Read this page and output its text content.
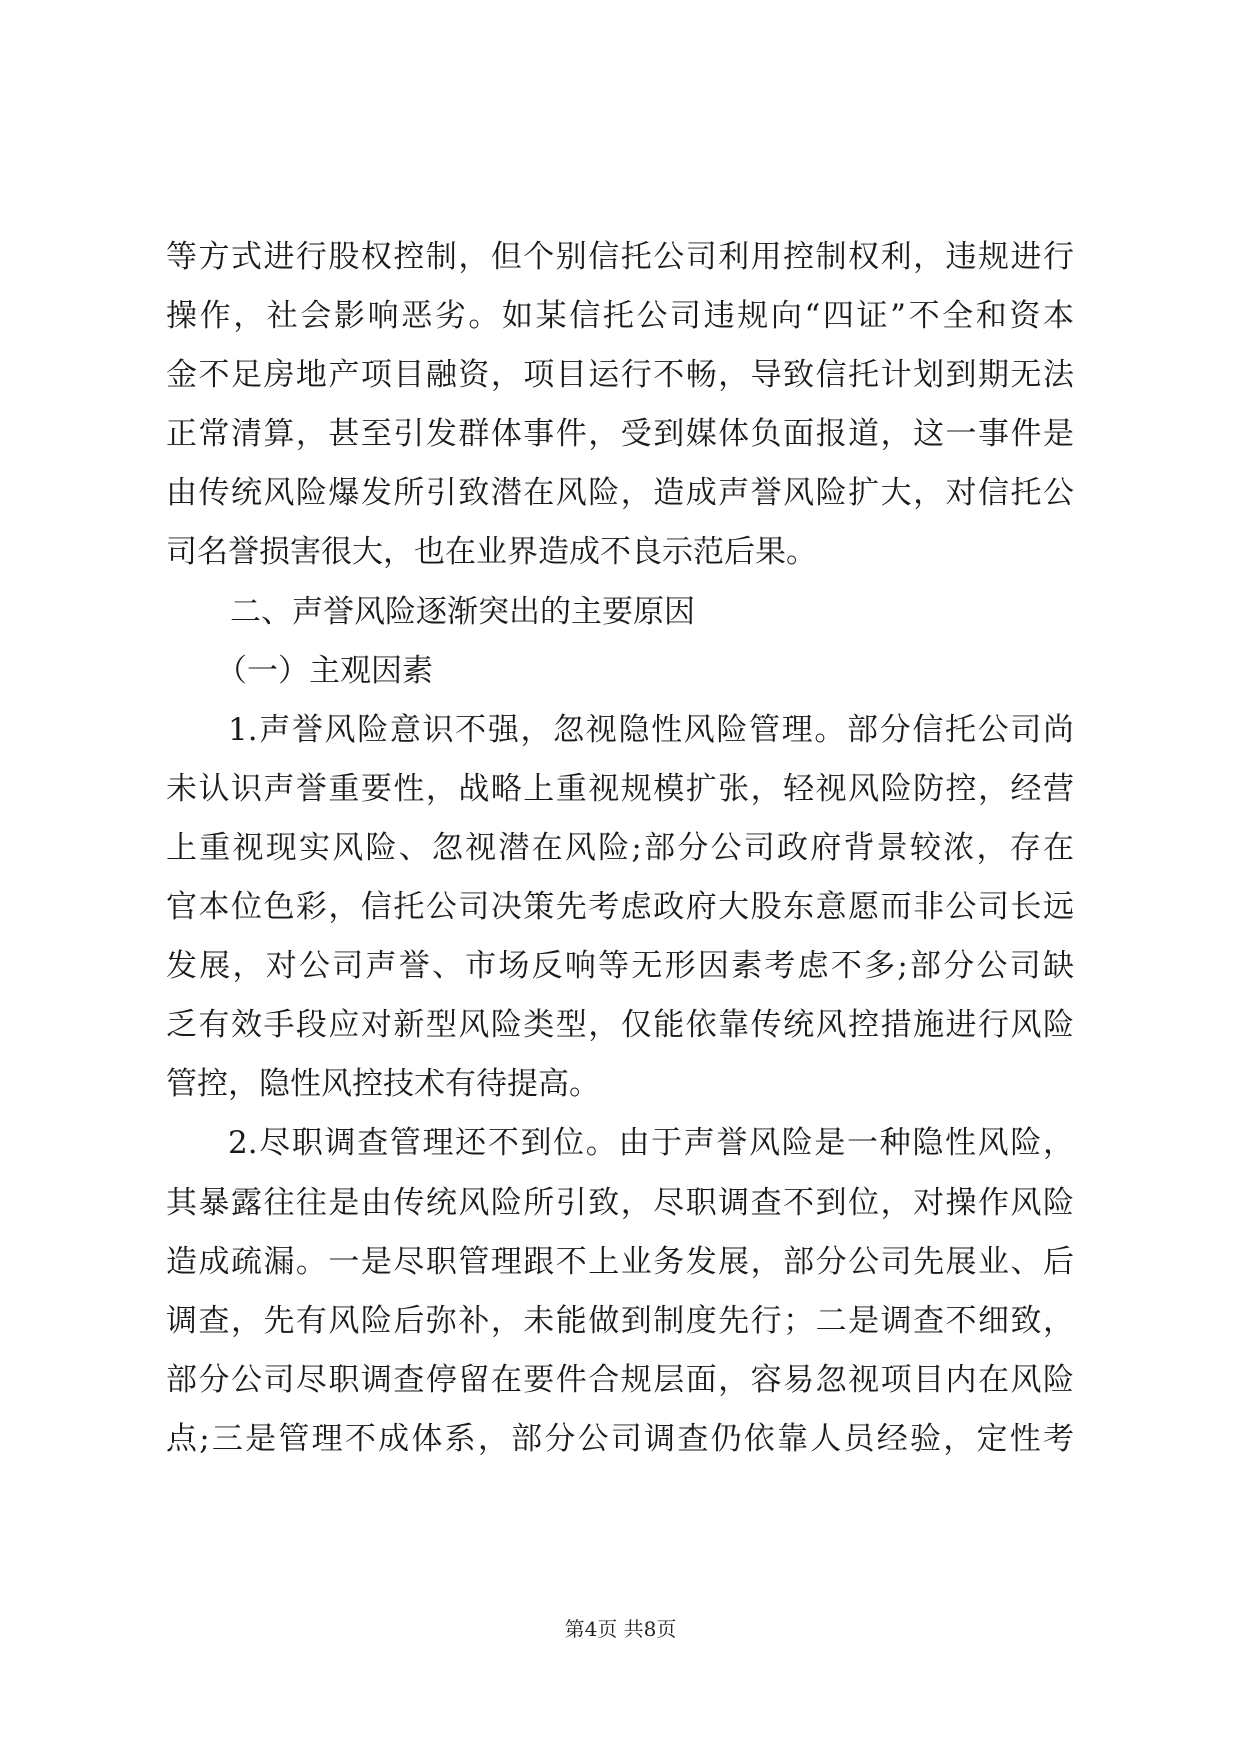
等方式进行股权控制，但个别信托公司利用控制权利，违规进行
操作，社会影响恶劣。如某信托公司违规向“四证”不全和资本
金不足房地产项目融资，项目运行不畅，导致信托计划到期无法
正常清算，甚至引发群体事件，受到媒体负面报道，这一事件是
由传统风险爆发所引致潜在风险，造成声誉风险扩大，对信托公
司名誉损害很大，也在业界造成不良示范后果。
二、声誉风险逐渐突出的主要原因
（一）主观因素
1.声誉风险意识不强，忽视隐性风险管理。部分信托公司尚
未认识声誉重要性，战略上重视规模扩张，轻视风险防控，经营
上重视现实风险、忽视潜在风险;部分公司政府背景较浓，存在
官本位色彩，信托公司决策先考虑政府大股东意愿而非公司长远
发展，对公司声誉、市场反响等无形因素考虑不多;部分公司缺
乏有效手段应对新型风险类型，仅能依靠传统风控措施进行风险
管控，隐性风控技术有待提高。
2.尽职调查管理还不到位。由于声誉风险是一种隐性风险，
其暴露往往是由传统风险所引致，尽职调查不到位，对操作风险
造成疏漏。一是尽职管理跟不上业务发展，部分公司先展业、后
调查，先有风险后弥补，未能做到制度先行；二是调查不细致，
部分公司尽职调查停留在要件合规层面，容易忽视项目内在风险
点;三是管理不成体系，部分公司调查仍依靠人员经验，定性考
第4页 共8页
